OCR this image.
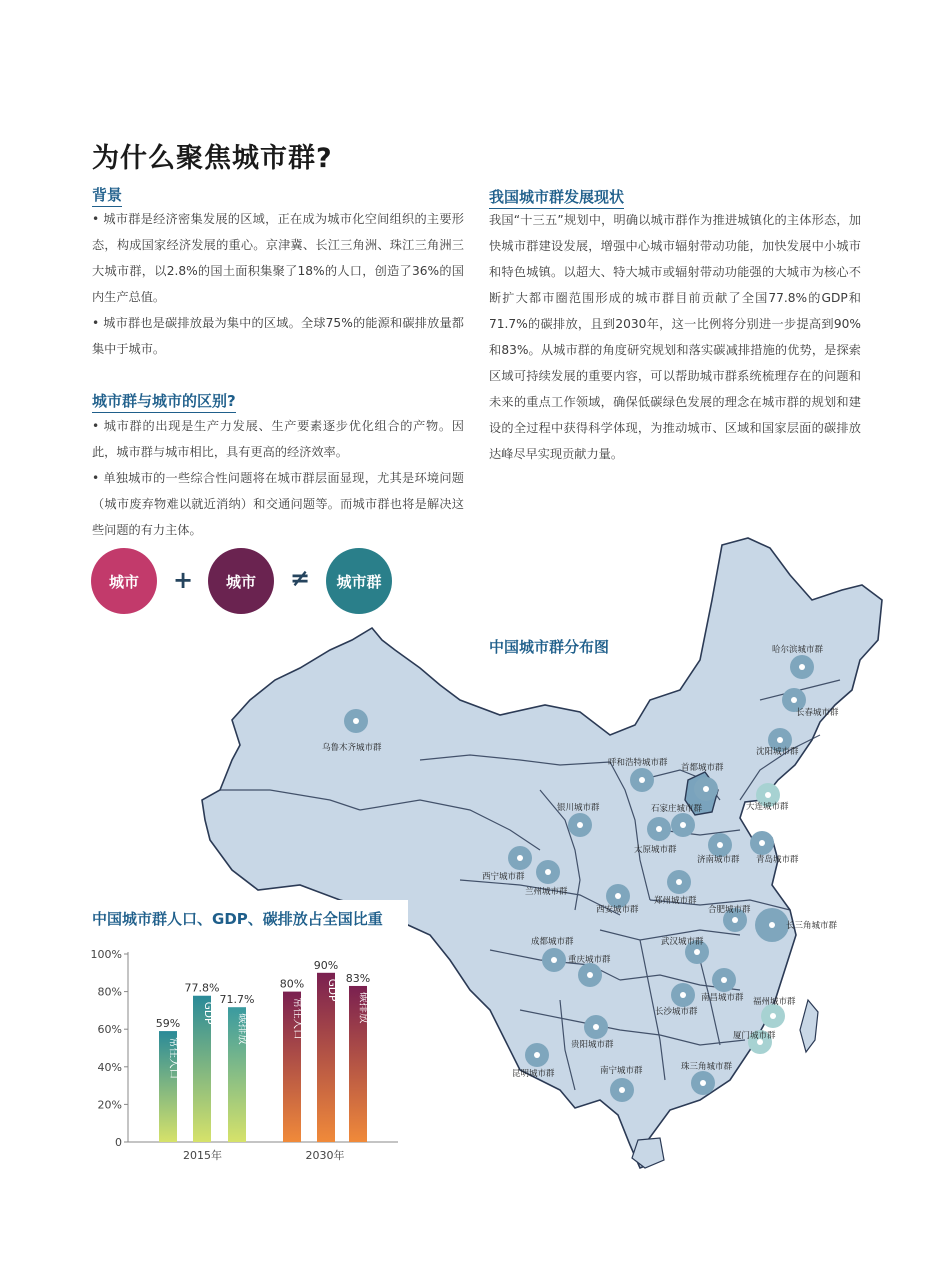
哈尔滨城市群
长春城市群
沈阳城市群
乌鲁木齐城市群
呼和浩特城市群 首都城市群
大连城市群
银川城市群	石家庄城市群
太原城市群
济南城市群 青岛城市群
西宁城市群
兰州城市群
西安城市群
郑州城市群
合肥城市群
长三角城市群
成都城市群
重庆城市群
武汉城市群
南昌城市群
长沙城市群
福州城市群
贵阳城市群
厦门城市群
昆明城市群	南宁城市群	珠三角城市群
为什么聚焦城市群?
背景

• 城市群是经济密集发展的区域，正在成为城市化空间组织的主要形态，构成国家经济发展的重心。京津冀、长江三角洲、珠江三角洲三大城市群，以2.8%的国土面积集聚了18%的人口，创造了36%的国内生产总值。

• 城市群也是碳排放最为集中的区域。全球75%的能源和碳排放量都集中于城市。

城市群与城市的区别?

• 城市群的出现是生产力发展、生产要素逐步优化组合的产物。因此，城市群与城市相比，具有更高的经济效率。

• 单独城市的一些综合性问题将在城市群层面显现，尤其是环境问题（城市废弃物难以就近消纳）和交通问题等。而城市群也将是解决这些问题的有力主体。

我国城市群发展现状

我国“十三五”规划中，明确以城市群作为推进城镇化的主体形态，加快城市群建设发展，增强中心城市辐射带动功能，加快发展中小城市和特色城镇。以超大、特大城市或辐射带动功能强的大城市为核心不断扩大都市圈范围形成的城市群目前贡献了全国77.8%的GDP和71.7%的碳排放，且到2030年，这一比例将分别进一步提高到90%和83%。从城市群的角度研究规划和落实碳减排措施的优势，是探索区域可持续发展的重要内容，可以帮助城市群系统梳理存在的问题和未来的重点工作领域，确保低碳绿色发展的理念在城市群的规划和建设的全过程中获得科学体现，为推动城市、区域和国家层面的碳排放达峰尽早实现贡献力量。

城市	+	城市	≠	城市群
中国城市群分布图
中国城市群人口、GDP、碳排放占全国比重
0
20%
40%
60%
80%
100%
59%
常住人口
77.8%
GDP
71.7%
碳排放
2015年
80%
常住人口
90%
GDP
83%
碳排放
2030年
